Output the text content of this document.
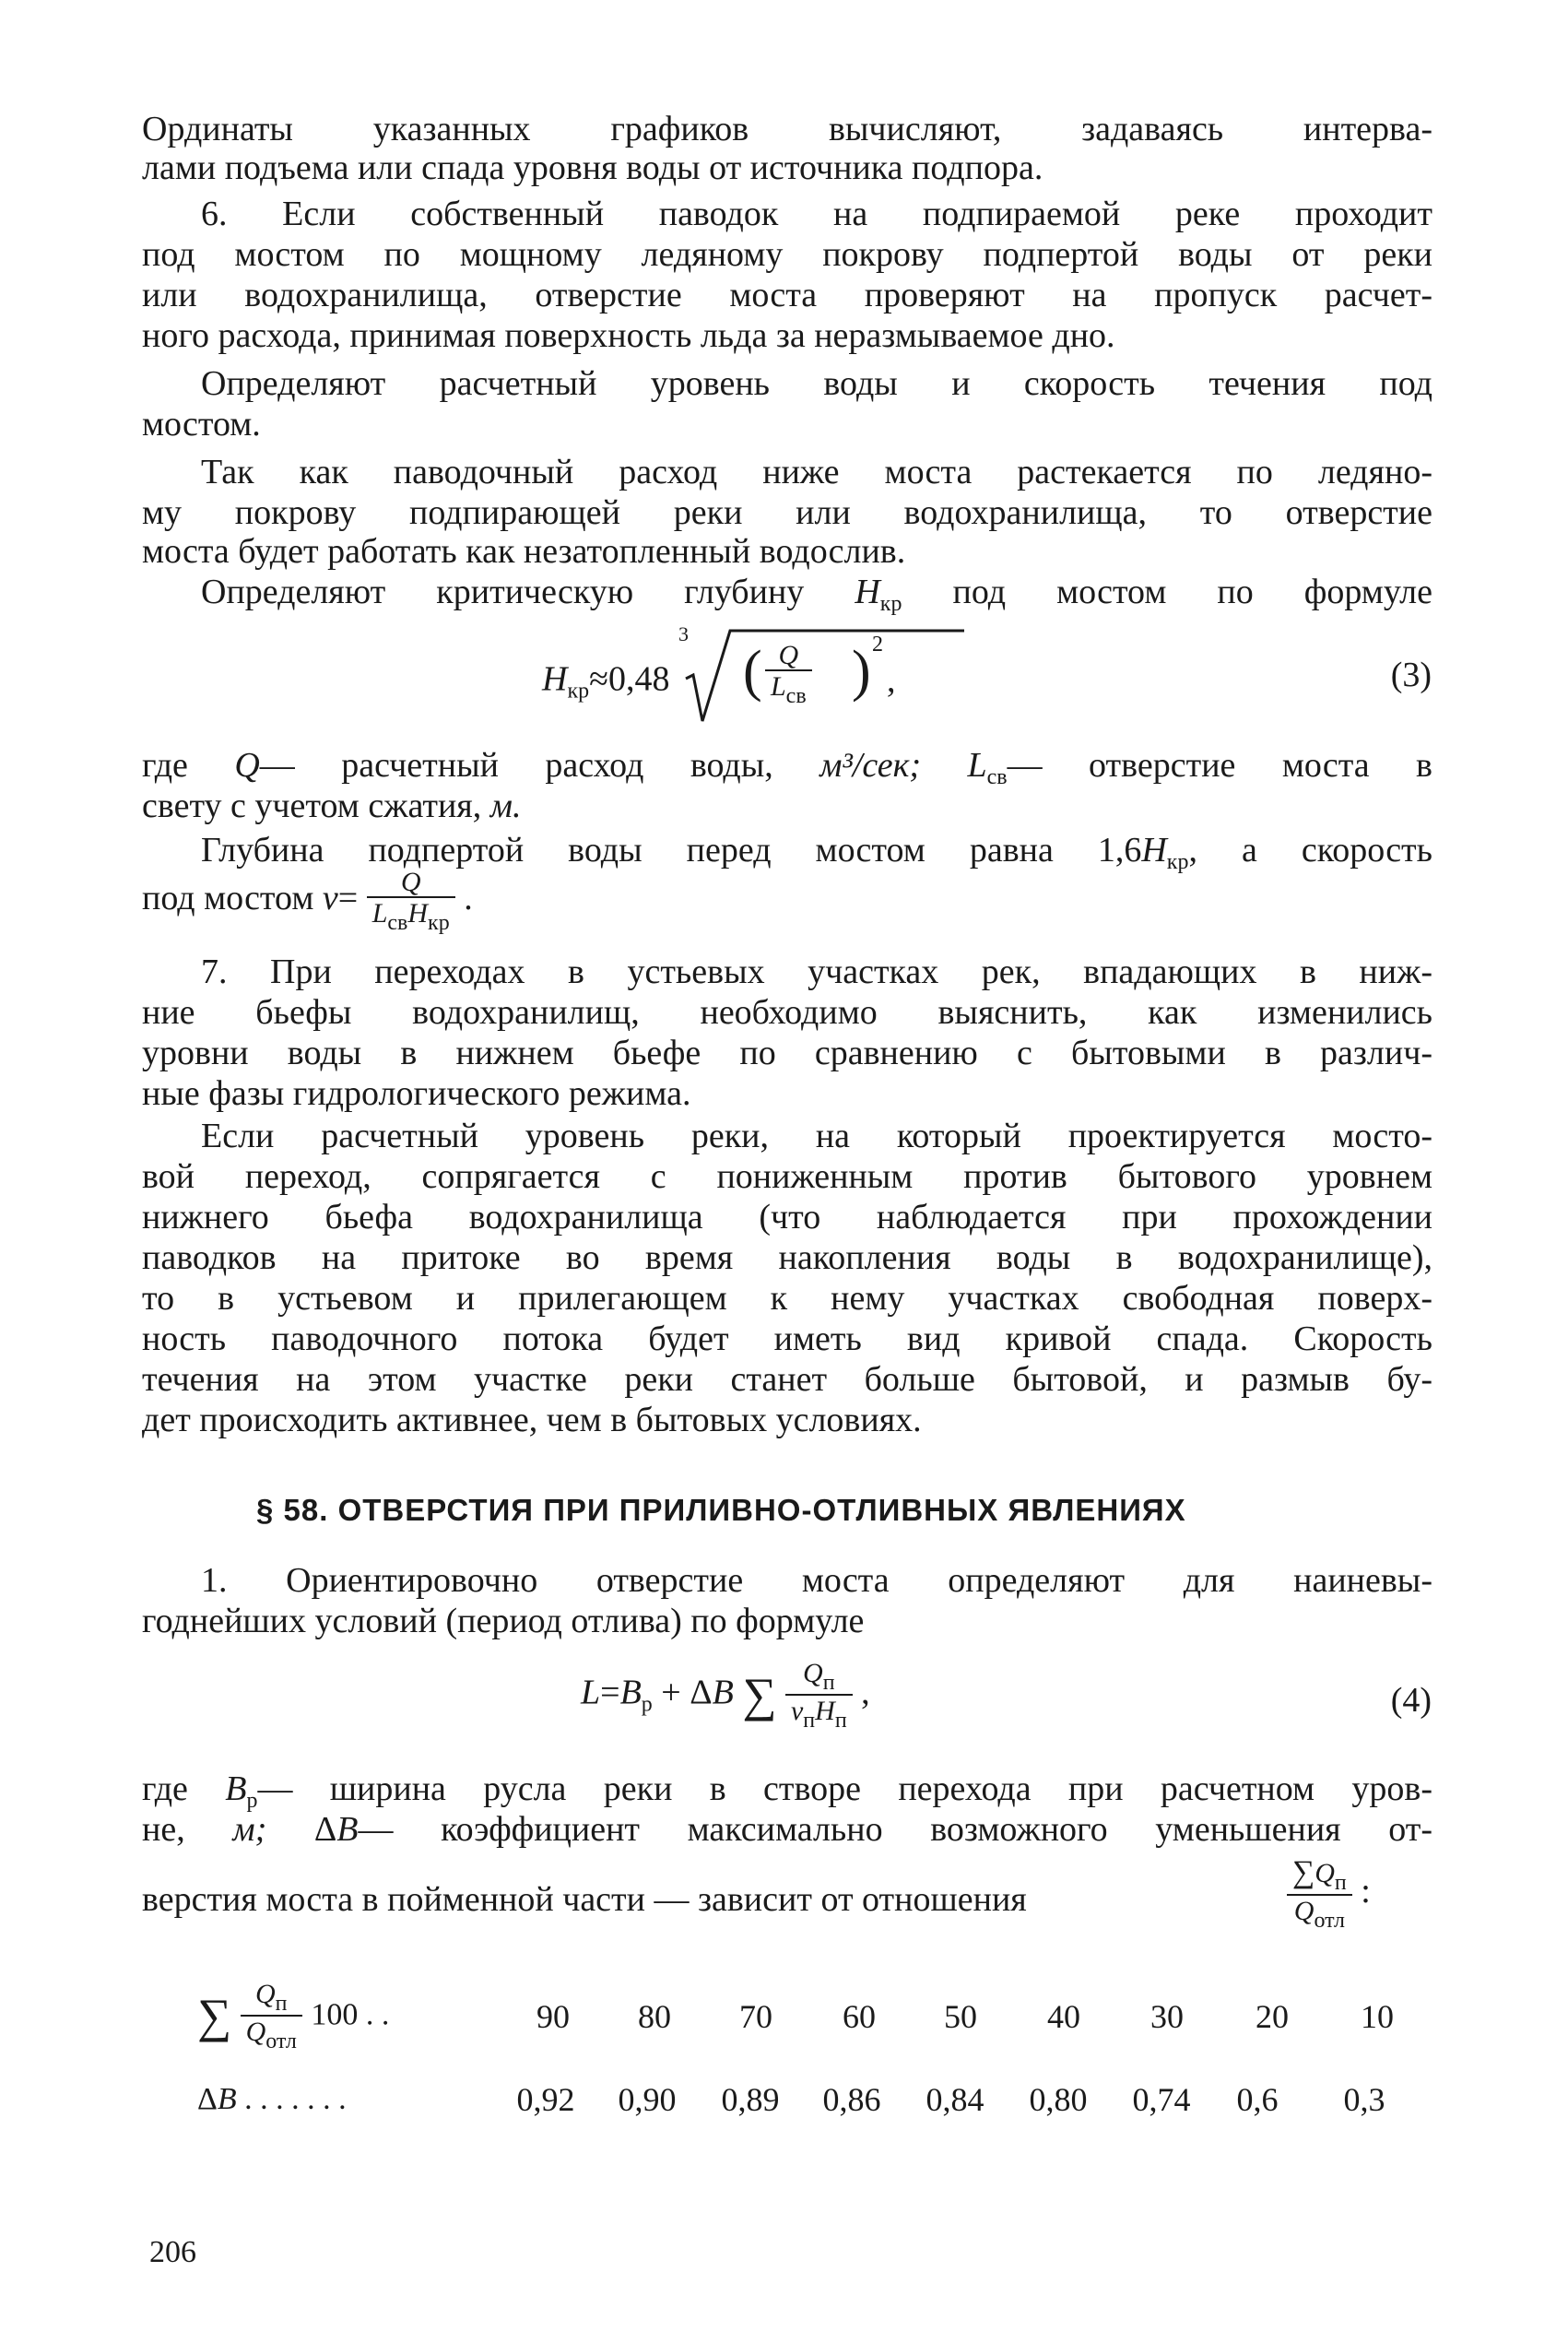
Ординаты указанных графиков вычисляют, задаваясь интерва-
лами подъема или спада уровня воды от источника подпора.
6. Если собственный паводок на подпираемой реке проходит
под мостом по мощному ледяному покрову подпертой воды от реки
или водохранилища, отверстие моста проверяют на пропуск расчет-
ного расхода, принимая поверхность льда за неразмываемое дно.
Определяют расчетный уровень воды и скорость течения под
мостом.
Так как паводочный расход ниже моста растекается по ледяно-
му покрову подпирающей реки или водохранилища, то отверстие
моста будет работать как незатопленный водослив.
Определяют критическую глубину $H_{кр}$ под мостом по формуле
$H_{кр}\approx 0,48$
3
( Q
$L_{св}$ ) 2
,	(3)
где Q— расчетный расход воды, м³/сек; $L_{св}—$ отверстие моста в
свету с учетом сжатия, м.
Глубина подпертой воды перед мостом равна $1,6H_{кр}$, а скорость
под мостом $v= \frac{Q}{L_{св}H_{кр}}$ .
7. При переходах в устьевых участках рек, впадающих в ниж-
ние бьефы водохранилищ, необходимо выяснить, как изменились
уровни воды в нижнем бьефе по сравнению с бытовыми в различ-
ные фазы гидрологического режима.
Если расчетный уровень реки, на который проектируется мосто-
вой переход, сопрягается с пониженным против бытового уровнем
нижнего бьефа водохранилища (что наблюдается при прохождении
паводков на притоке во время накопления воды в водохранилище),
то в устьевом и прилегающем к нему участках свободная поверх-
ность паводочного потока будет иметь вид кривой спада. Скорость
течения на этом участке реки станет больше бытовой, и размыв бу-
дет происходить активнее, чем в бытовых условиях.
§ 58. ОТВЕРСТИЯ ПРИ ПРИЛИВНО-ОТЛИВНЫХ ЯВЛЕНИЯХ
1. Ориентировочно отверстие моста определяют для наиневы-
годнейших условий (период отлива) по формуле
$L=B_р + \Delta B$ ∑ $\frac{Q_п}{v_пH_п}$ ,	(4)
где $B_р—$ ширина русла реки в створе перехода при расчетном уров-
не, м; ΔB— коэффициент максимально возможного уменьшения от-
верстия моста в пойменной части — зависит от отношения	$\frac{\sum Q_п}{Q_{отл}}$ :
∑ $\frac{Q_п}{Q_{отл}} 100$ . .	90	80	70	60	50	40	30	20	10
ΔB . . . . . . .	0,92	0,90	0,89	0,86	0,84	0,80	0,74	0,6	0,3
206
